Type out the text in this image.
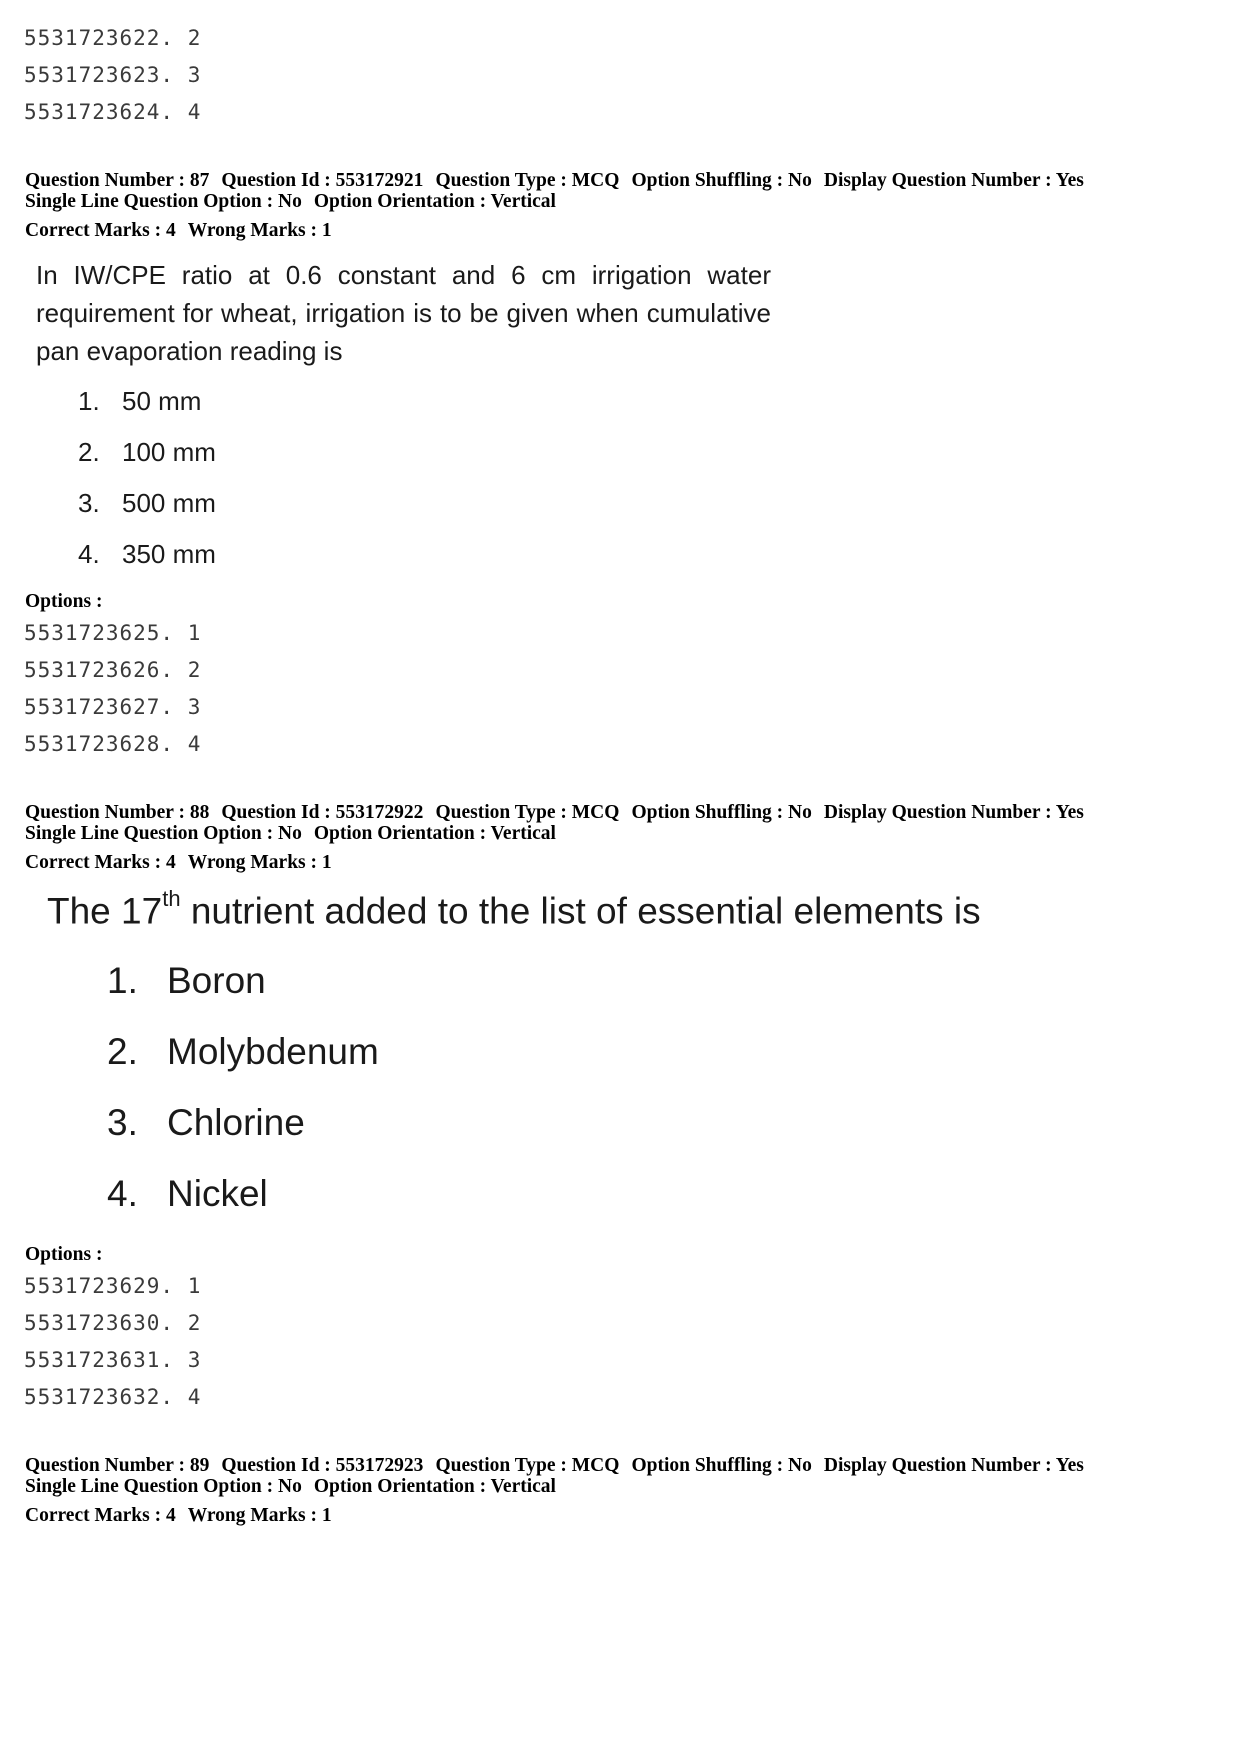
5531723622. 2
5531723623. 3
5531723624. 4
Question Number : 87 Question Id : 553172921 Question Type : MCQ Option Shuffling : No Display Question Number : Yes
Single Line Question Option : No Option Orientation : Vertical
Correct Marks : 4 Wrong Marks : 1
In IW/CPE ratio at 0.6 constant and 6 cm irrigation water requirement for wheat, irrigation is to be given when cumulative pan evaporation reading is
1. 50 mm
2. 100 mm
3. 500 mm
4. 350 mm
Options :
5531723625. 1
5531723626. 2
5531723627. 3
5531723628. 4
Question Number : 88 Question Id : 553172922 Question Type : MCQ Option Shuffling : No Display Question Number : Yes
Single Line Question Option : No Option Orientation : Vertical
Correct Marks : 4 Wrong Marks : 1
The 17th nutrient added to the list of essential elements is
1. Boron
2. Molybdenum
3. Chlorine
4. Nickel
Options :
5531723629. 1
5531723630. 2
5531723631. 3
5531723632. 4
Question Number : 89 Question Id : 553172923 Question Type : MCQ Option Shuffling : No Display Question Number : Yes
Single Line Question Option : No Option Orientation : Vertical
Correct Marks : 4 Wrong Marks : 1
